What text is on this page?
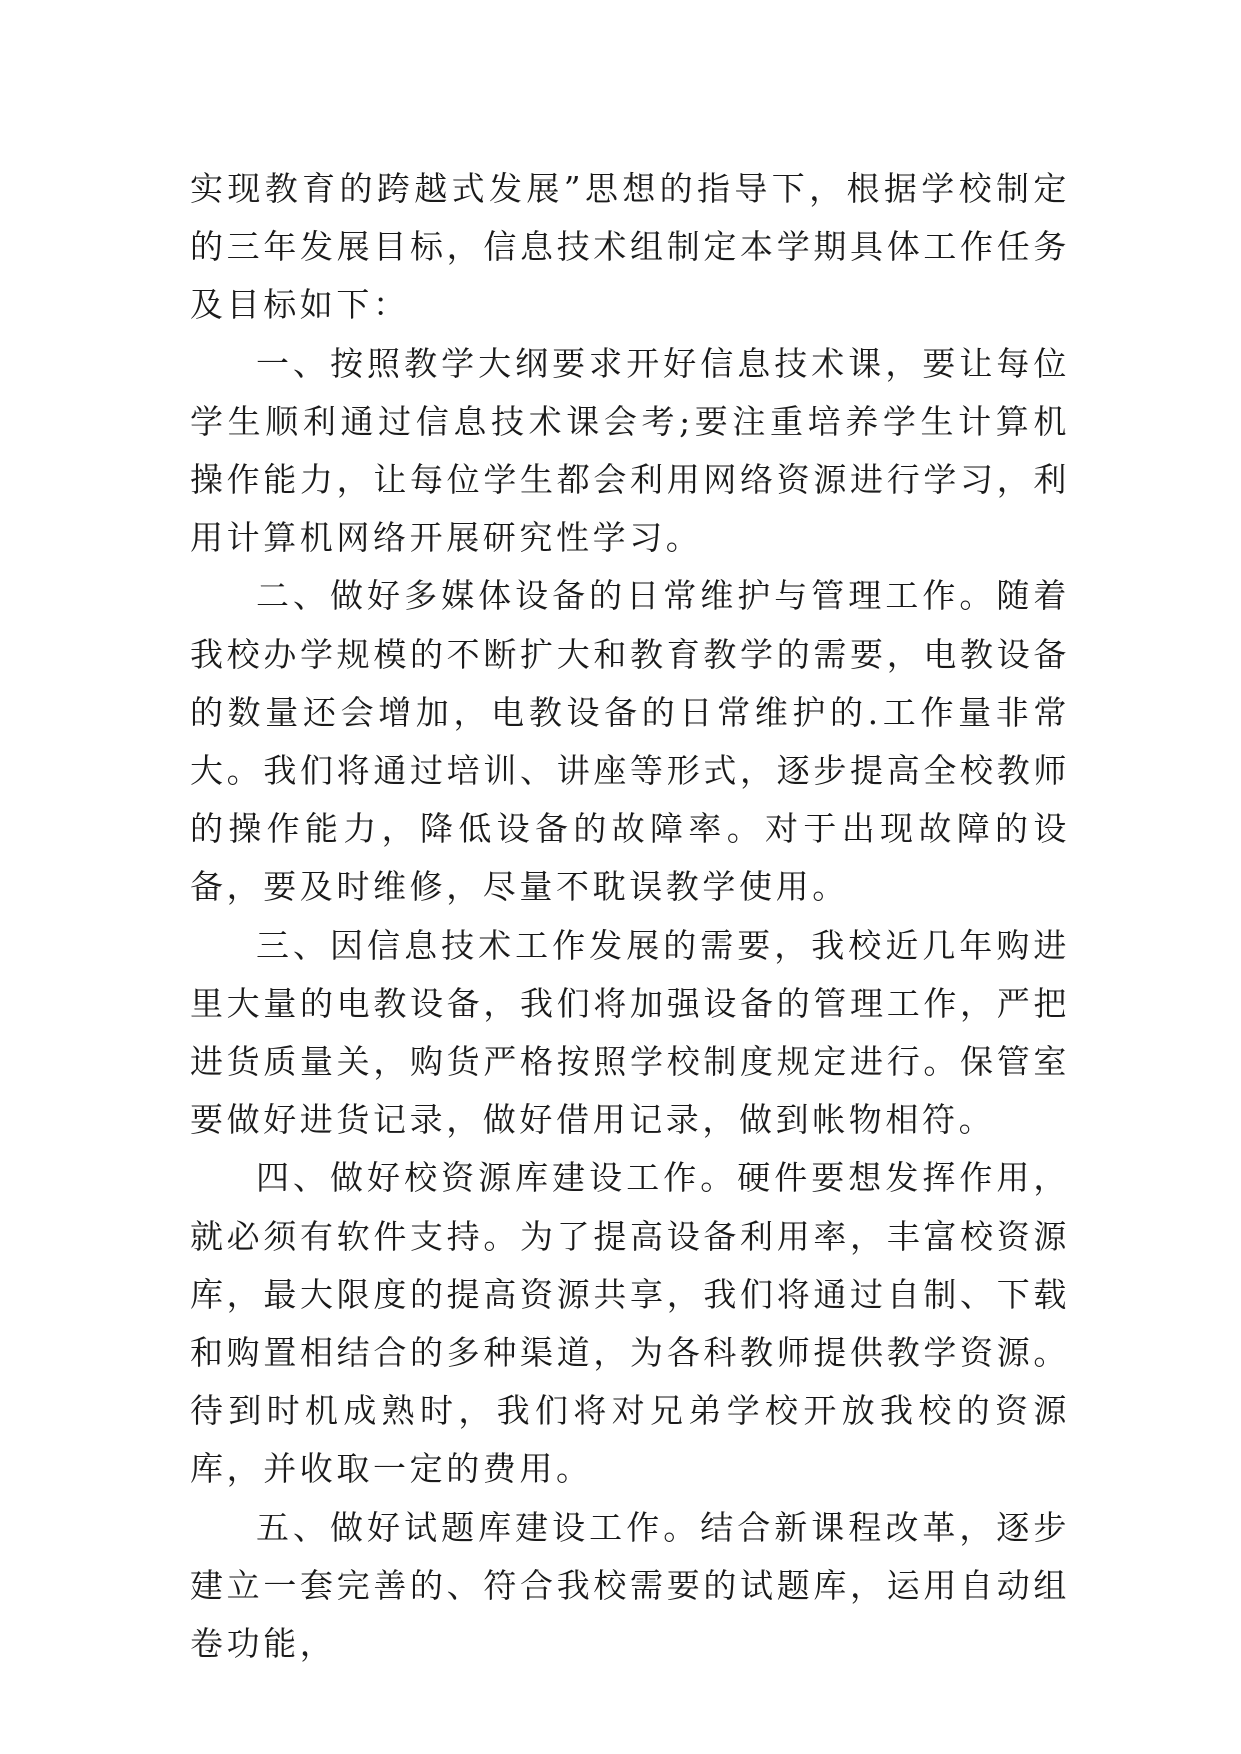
实现教育的跨越式发展”思想的指导下，根据学校制定的三年发展目标，信息技术组制定本学期具体工作任务及目标如下：

一、按照教学大纲要求开好信息技术课，要让每位学生顺利通过信息技术课会考;要注重培养学生计算机操作能力，让每位学生都会利用网络资源进行学习，利用计算机网络开展研究性学习。

二、做好多媒体设备的日常维护与管理工作。随着我校办学规模的不断扩大和教育教学的需要，电教设备的数量还会增加，电教设备的日常维护的.工作量非常大。我们将通过培训、讲座等形式，逐步提高全校教师的操作能力，降低设备的故障率。对于出现故障的设备，要及时维修，尽量不耽误教学使用。

三、因信息技术工作发展的需要，我校近几年购进里大量的电教设备，我们将加强设备的管理工作，严把进货质量关，购货严格按照学校制度规定进行。保管室要做好进货记录，做好借用记录，做到帐物相符。

四、做好校资源库建设工作。硬件要想发挥作用，就必须有软件支持。为了提高设备利用率，丰富校资源库，最大限度的提高资源共享，我们将通过自制、下载和购置相结合的多种渠道，为各科教师提供教学资源。待到时机成熟时，我们将对兄弟学校开放我校的资源库，并收取一定的费用。

五、做好试题库建设工作。结合新课程改革，逐步建立一套完善的、符合我校需要的试题库，运用自动组卷功能，
